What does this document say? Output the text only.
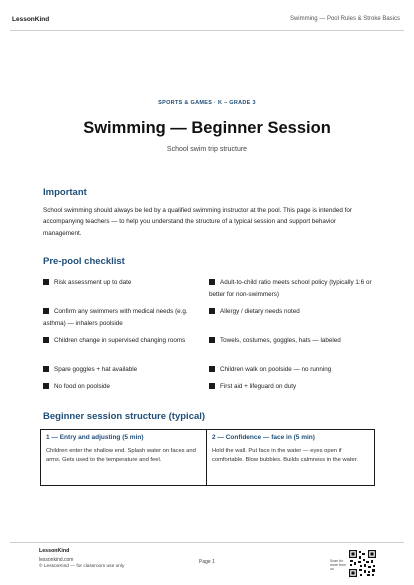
LessonKind	Swimming — Pool Rules & Stroke Basics
SPORTS & GAMES · K – GRADE 3
Swimming — Beginner Session
School swim trip structure
Important
School swimming should always be led by a qualified swimming instructor at the pool. This page is intended for accompanying teachers — to help you understand the structure of a typical session and support behavior management.
Pre-pool checklist
Risk assessment up to date	Adult-to-child ratio meets school policy (typically 1:6 or better for non-swimmers)
Confirm any swimmers with medical needs (e.g. asthma) — inhalers poolside
Allergy / dietary needs noted
Children change in supervised changing rooms	Towels, costumes, goggles, hats — labeled
Spare goggles + hat available	Children walk on poolside — no running
No food on poolside	First aid + lifeguard on duty
Beginner session structure (typical)
1 — Entry and adjusting (5 min)
Children enter the shallow end. Splash water on faces and arms. Gets used to the temperature and feel.
2 — Confidence — face in (5 min)
Hold the wall. Put face in the water — eyes open if comfortable. Blow bubbles. Builds calmness in the water.
LessonKind
lessonkind.com
© LessonKind — for classroom use only
Page 1	Scan for more from us
